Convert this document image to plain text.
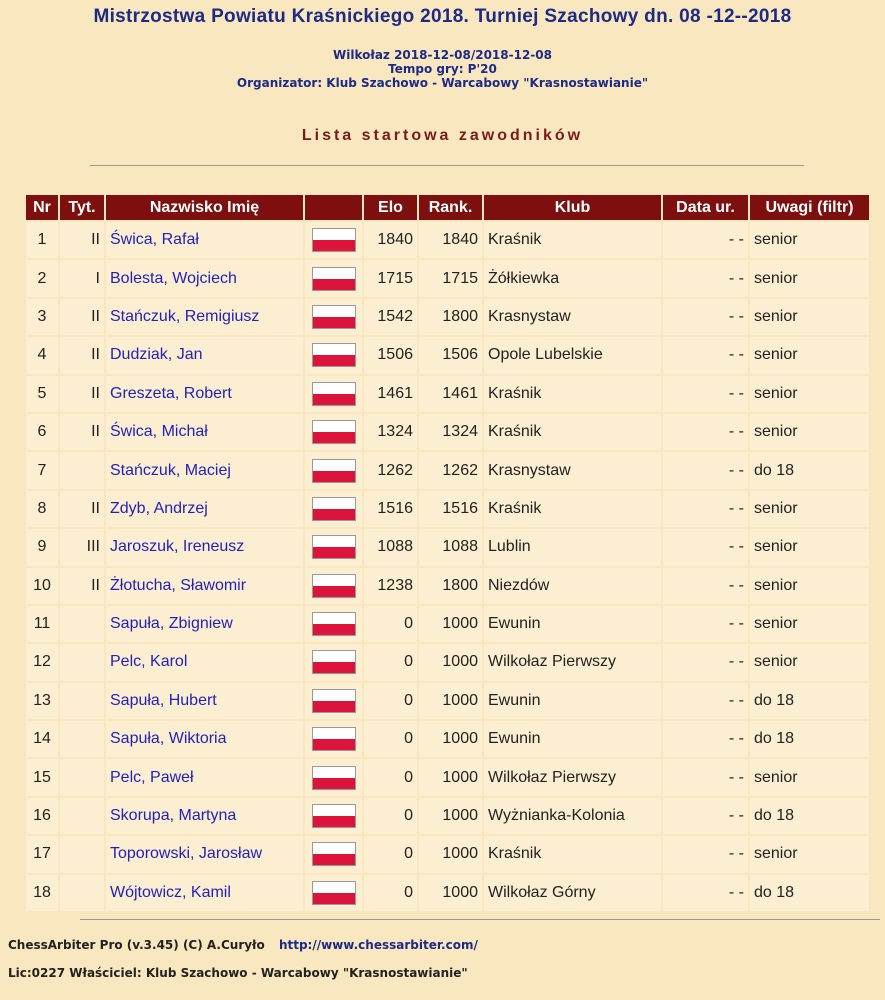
Mistrzostwa Powiatu Kraśnickiego 2018. Turniej Szachowy dn. 08 -12--2018
Wilkołaz 2018-12-08/2018-12-08
Tempo gry: P'20
Organizator: Klub Szachowo - Warcabowy "Krasnostawianie"
Lista startowa zawodników
Nr	Tyt.	Nazwisko Imię		Elo	Rank.	Klub	Data ur.	Uwagi (filtr)
1	II	Świca, Rafał		1840	1840	Kraśnik	- -	senior
2	I	Bolesta, Wojciech		1715	1715	Żółkiewka	- -	senior
3	II	Stańczuk, Remigiusz		1542	1800	Krasnystaw	- -	senior
4	II	Dudziak, Jan		1506	1506	Opole Lubelskie	- -	senior
5	II	Greszeta, Robert		1461	1461	Kraśnik	- -	senior
6	II	Świca, Michał		1324	1324	Kraśnik	- -	senior
7		Stańczuk, Maciej		1262	1262	Krasnystaw	- -	do 18
8	II	Zdyb, Andrzej		1516	1516	Kraśnik	- -	senior
9	III	Jaroszuk, Ireneusz		1088	1088	Lublin	- -	senior
10	II	Żłotucha, Sławomir		1238	1800	Niezdów	- -	senior
11		Sapuła, Zbigniew		0	1000	Ewunin	- -	senior
12		Pelc, Karol		0	1000	Wilkołaz Pierwszy	- -	senior
13		Sapuła, Hubert		0	1000	Ewunin	- -	do 18
14		Sapuła, Wiktoria		0	1000	Ewunin	- -	do 18
15		Pelc, Paweł		0	1000	Wilkołaz Pierwszy	- -	senior
16		Skorupa, Martyna		0	1000	Wyżnianka-Kolonia	- -	do 18
17		Toporowski, Jarosław		0	1000	Kraśnik	- -	senior
18		Wójtowicz, Kamil		0	1000	Wilkołaz Górny	- -	do 18
ChessArbiter Pro (v.3.45) (C) A.Curyło http://www.chessarbiter.com/
Lic:0227 Właściciel: Klub Szachowo - Warcabowy "Krasnostawianie"
